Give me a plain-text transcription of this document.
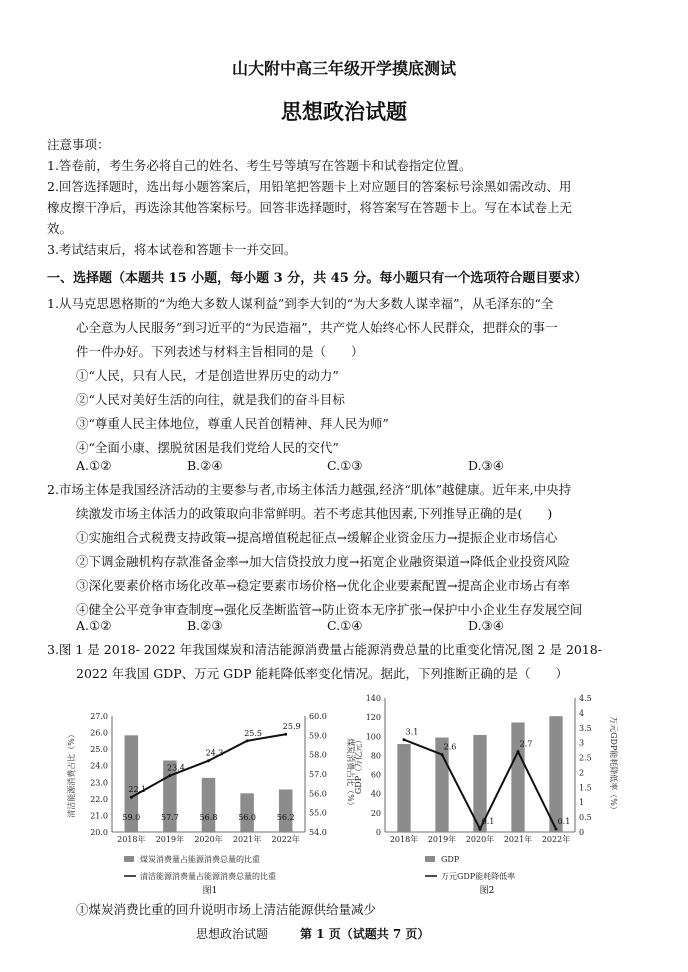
山大附中高三年级开学摸底测试
思想政治试题
注意事项：
1.答卷前，考生务必将自己的姓名、考生号等填写在答题卡和试卷指定位置。
2.回答选择题时，选出每小题答案后，用铅笔把答题卡上对应题目的答案标号涂黑如需改动、用
橡皮擦干净后，再选涂其他答案标号。回答非选择题时，将答案写在答题卡上。写在本试卷上无
效。
3.考试结束后，将本试卷和答题卡一并交回。
一、选择题（本题共 15 小题，每小题 3 分，共 45 分。每小题只有一个选项符合题目要求）
1.从马克思恩格斯的“为绝大多数人谋利益”到李大钊的“为大多数人谋幸福”，从毛泽东的“全
心全意为人民服务”到习近平的“为民造福”，共产党人始终心怀人民群众，把群众的事一
件一件办好。下列表述与材料主旨相同的是（　　）
①“人民，只有人民，才是创造世界历史的动力”
②“人民对美好生活的向往，就是我们的奋斗目标
③“尊重人民主体地位，尊重人民首创精神、拜人民为师”
④“全面小康、摆脱贫困是我们党给人民的交代”
A.①②	B.②④	C.①③	D.③④
2.市场主体是我国经济活动的主要参与者,市场主体活力越强,经济“肌体”越健康。近年来,中央持
续激发市场主体活力的政策取向非常鲜明。若不考虑其他因素,下列推导正确的是(　　)
①实施组合式税费支持政策→提高增值税起征点→缓解企业资金压力→提振企业市场信心
②下调金融机构存款准备金率→加大信贷投放力度→拓宽企业融资渠道→降低企业投资风险
③深化要素价格市场化改革→稳定要素市场价格→优化企业要素配置→提高企业市场占有率
④健全公平竞争审查制度→强化反垄断监管→防止资本无序扩张→保护中小企业生存发展空间
A.①②	B.②③	C.①④	D.③④
3.图 1 是 2018- 2022 年我国煤炭和清洁能源消费量占能源消费总量的比重变化情况,图 2 是 2018-
2022 年我国 GDP、万元 GDP 能耗降低率变化情况。据此，下列推断正确的是（　　）
27.0
26.0
25.0
24.0
23.0
22.0
21.0
20.0
60.0
59.0
58.0
57.0
56.0
55.0
54.0
清洁能源消费占比（%）	煤炭消费占比（%）
2018年 2019年 2020年 2021年 2022年
59.0	57.7	56.8	56.0	56.2
22.1
23.4
24.3
25.5
25.9
煤炭消费量占能源消费总量的比重
清洁能源消费量占能源消费总量的比重
图1
140
120
100
80
60
40
20
0
4.5
4
3.5
3
2.5
2
1.5
1
0.5
0
GDP（万亿元）	万元GDP能耗降低率（%）
2018年 2019年 2020年 2021年 2022年
3.1
2.6
0.1
2.7
0.1
GDP
万元GDP能耗降低率
图2
①煤炭消费比重的回升说明市场上清洁能源供给量减少
思想政治试题	第 1 页（试题共 7 页）
